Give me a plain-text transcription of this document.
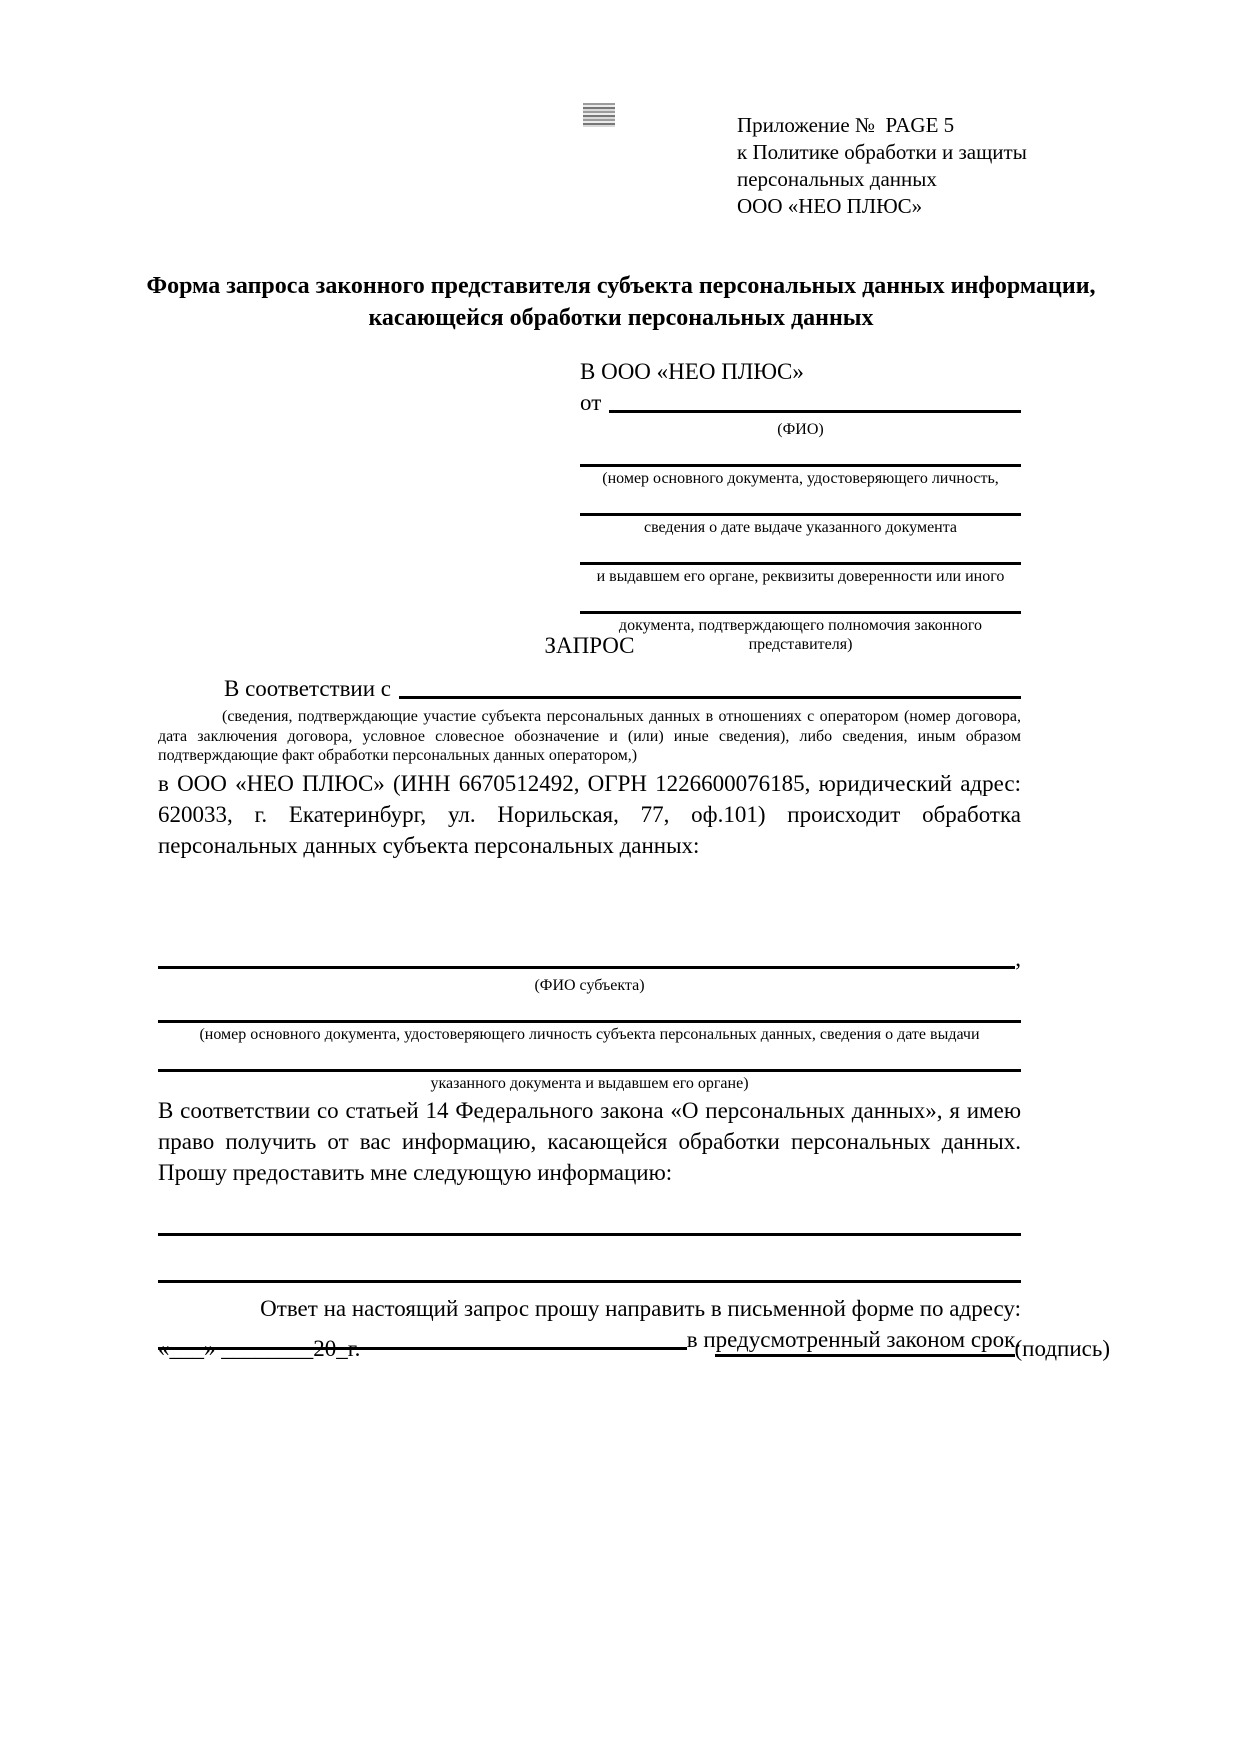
Приложение №  PAGE 5
к Политике обработки и защиты
персональных данных
ООО «НЕО ПЛЮС»
Форма запроса законного представителя субъекта персональных данных информации, касающейся обработки персональных данных
В ООО «НЕО ПЛЮС»
от
(ФИО)
(номер основного документа, удостоверяющего личность,
сведения о дате выдаче указанного документа
и выдавшем его органе, реквизиты доверенности или иного
документа, подтверждающего полномочия законного представителя)
ЗАПРОС
В соответствии с
(сведения, подтверждающие участие субъекта персональных данных в отношениях с оператором (номер договора, дата заключения договора, условное словесное обозначение и (или) иные сведения), либо сведения, иным образом подтверждающие факт обработки персональных данных оператором,)
в ООО «НЕО ПЛЮС» (ИНН 6670512492, ОГРН 1226600076185, юридический адрес: 620033, г. Екатеринбург, ул. Норильская, 77, оф.101) происходит обработка персональных данных субъекта персональных данных:
,
(ФИО субъекта)
(номер основного документа, удостоверяющего личность субъекта персональных данных, сведения о дате выдачи
указанного документа и выдавшем его органе)
В соответствии со статьей 14 Федерального закона «О персональных данных», я имею право получить от вас информацию, касающейся обработки персональных данных. Прошу предоставить мне следующую информацию:
Ответ на настоящий запрос прошу направить в письменной форме по адресу:
в предусмотренный законом срок.
«___» ________20_г.	(подпись)
